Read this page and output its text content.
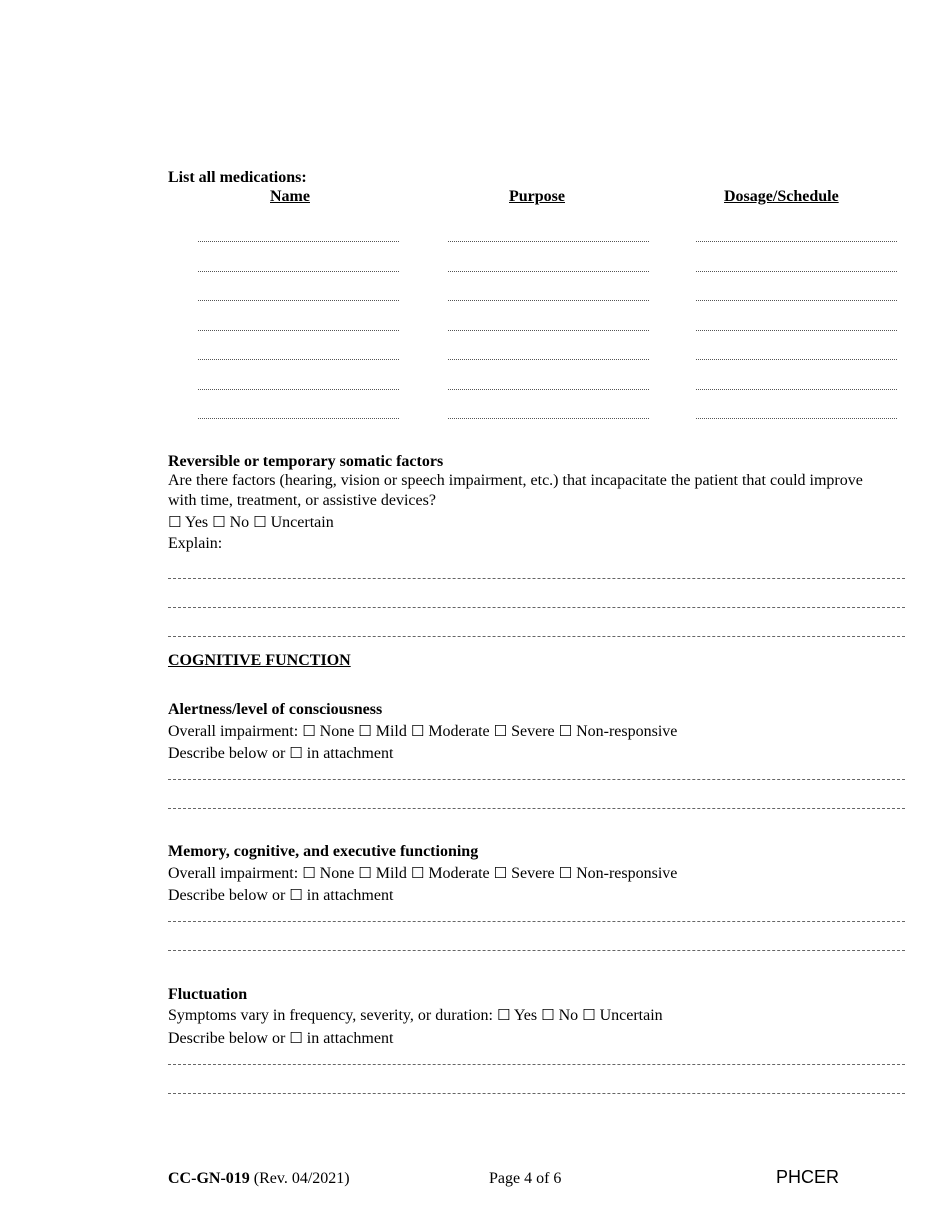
List all medications:
Name	Purpose	Dosage/Schedule
Reversible or temporary somatic factors
Are there factors (hearing, vision or speech impairment, etc.) that incapacitate the patient that could improve
with time, treatment, or assistive devices?
☐ Yes ☐ No ☐ Uncertain
Explain:
COGNITIVE FUNCTION
Alertness/level of consciousness
Overall impairment: ☐ None ☐ Mild ☐ Moderate ☐ Severe ☐ Non-responsive
Describe below or ☐ in attachment
Memory, cognitive, and executive functioning
Overall impairment: ☐ None ☐ Mild ☐ Moderate ☐ Severe ☐ Non-responsive
Describe below or ☐ in attachment
Fluctuation
Symptoms vary in frequency, severity, or duration: ☐ Yes ☐ No ☐ Uncertain
Describe below or ☐ in attachment
CC-GN-019 (Rev. 04/2021)	Page 4 of 6	PHCER
